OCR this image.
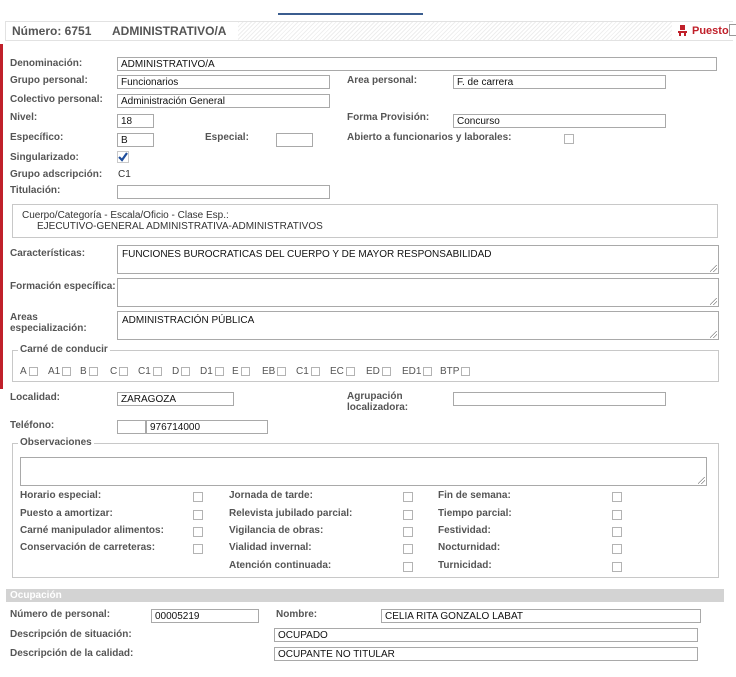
Número: 6751 ADMINISTRATIVO/A	Puesto
Denominación:	ADMINISTRATIVO/A
Grupo personal:	Funcionarios	Area personal:	F. de carrera
Colectivo personal:	Administración General
Nivel:	18	Forma Provisión:	Concurso
Específico:	B	Especial:	Abierto a funcionarios y laborales:
Singularizado:
Grupo adscripción: C1
Titulación:
Cuerpo/Categoría - Escala/Oficio - Clase Esp.:
EJECUTIVO-GENERAL ADMINISTRATIVA-ADMINISTRATIVOS
Características:	FUNCIONES BUROCRATICAS DEL CUERPO Y DE MAYOR RESPONSABILIDAD
Formación específica:
Areas
especialización:
ADMINISTRACIÓN PÚBLICA
Carné de conducir
A	A1	B	C	C1	D	D1	E	EB	C1	EC	ED	ED1	BTP
Localidad:	ZARAGOZA	Agrupación
localizadora:
Teléfono:	976714000
Observaciones
Horario especial:
Puesto a amortizar:
Carné manipulador alimentos:
Conservación de carreteras:
Jornada de tarde:
Relevista jubilado parcial:
Vigilancia de obras:
Vialidad invernal:
Atención continuada:
Fin de semana:
Tiempo parcial:
Festividad:
Nocturnidad:
Turnicidad:
Ocupación
Número de personal:	00005219	Nombre:	CELIA RITA GONZALO LABAT
Descripción de situación:	OCUPADO
Descripción de la calidad:	OCUPANTE NO TITULAR
